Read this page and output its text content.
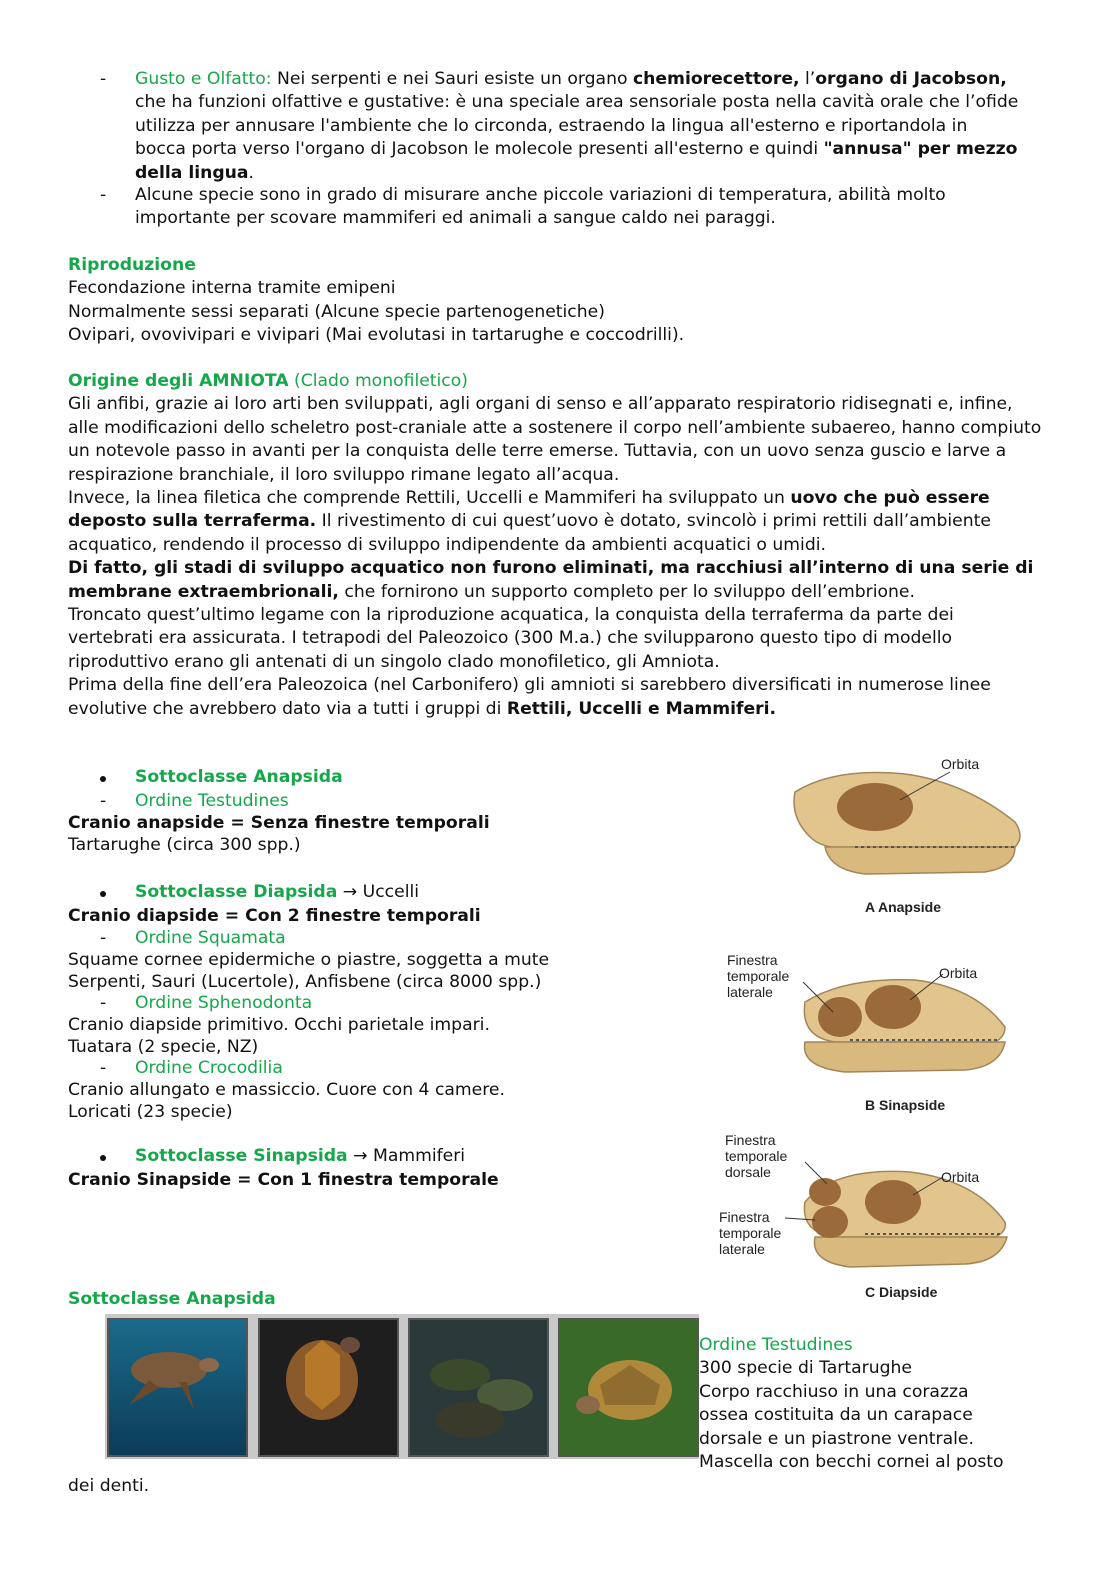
- Gusto e Olfatto: Nei serpenti e nei Sauri esiste un organo chemiorecettore, l’organo di Jacobson, che ha funzioni olfattive e gustative: è una speciale area sensoriale posta nella cavità orale che l’ofide utilizza per annusare l'ambiente che lo circonda, estraendo la lingua all'esterno e riportandola in bocca porta verso l'organo di Jacobson le molecole presenti all'esterno e quindi "annusa" per mezzo della lingua.
- Alcune specie sono in grado di misurare anche piccole variazioni di temperatura, abilità molto importante per scovare mammiferi ed animali a sangue caldo nei paraggi.
Riproduzione
Fecondazione interna tramite emipeni
Normalmente sessi separati (Alcune specie partenogenetiche)
Ovipari, ovovivipari e vivipari (Mai evolutasi in tartarughe e coccodrilli).
Origine degli AMNIOTA (Clado monofiletico)

Gli anfibi, grazie ai loro arti ben sviluppati, agli organi di senso e all’apparato respiratorio ridisegnati e, infine, alle modificazioni dello scheletro post-craniale atte a sostenere il corpo nell’ambiente subaereo, hanno compiuto un notevole passo in avanti per la conquista delle terre emerse. Tuttavia, con un uovo senza guscio e larve a respirazione branchiale, il loro sviluppo rimane legato all’acqua.

Invece, la linea filetica che comprende Rettili, Uccelli e Mammiferi ha sviluppato un uovo che può essere deposto sulla terraferma. Il rivestimento di cui quest’uovo è dotato, svincolò i primi rettili dall’ambiente acquatico, rendendo il processo di sviluppo indipendente da ambienti acquatici o umidi.

Di fatto, gli stadi di sviluppo acquatico non furono eliminati, ma racchiusi all’interno di una serie di membrane extraembrionali, che fornirono un supporto completo per lo sviluppo dell’embrione.

Troncato quest’ultimo legame con la riproduzione acquatica, la conquista della terraferma da parte dei vertebrati era assicurata. I tetrapodi del Paleozoico (300 M.a.) che svilupparono questo tipo di modello riproduttivo erano gli antenati di un singolo clado monofiletico, gli Amniota.

Prima della fine dell’era Paleozoica (nel Carbonifero) gli amnioti si sarebbero diversificati in numerose linee evolutive che avrebbero dato via a tutti i gruppi di Rettili, Uccelli e Mammiferi.

Sottoclasse Anapsida
- Ordine Testudines
Cranio anapside = Senza finestre temporali
Tartarughe (circa 300 spp.)
Sottoclasse Diapsida → Uccelli
Cranio diapside = Con 2 finestre temporali
- Ordine Squamata
Squame cornee epidermiche o piastre, soggetta a mute
Serpenti, Sauri (Lucertole), Anfisbene (circa 8000 spp.)
- Ordine Sphenodonta
Cranio diapside primitivo. Occhi parietale impari.
Tuatara (2 specie, NZ)
- Ordine Crocodilia
Cranio allungato e massiccio. Cuore con 4 camere.
Loricati (23 specie)
Sottoclasse Sinapsida → Mammiferi
Cranio Sinapside = Con 1 finestra temporale
Orbita
A Anapside
Finestra temporale laterale
Orbita
B Sinapside
Finestra temporale dorsale	Orbita
Finestra temporale laterale
C Diapside
Sottoclasse Anapsida
Ordine Testudines
300 specie di Tartarughe
Corpo racchiuso in una corazza
ossea costituita da un carapace
dorsale e un piastrone ventrale.
Mascella con becchi cornei al posto
dei denti.
